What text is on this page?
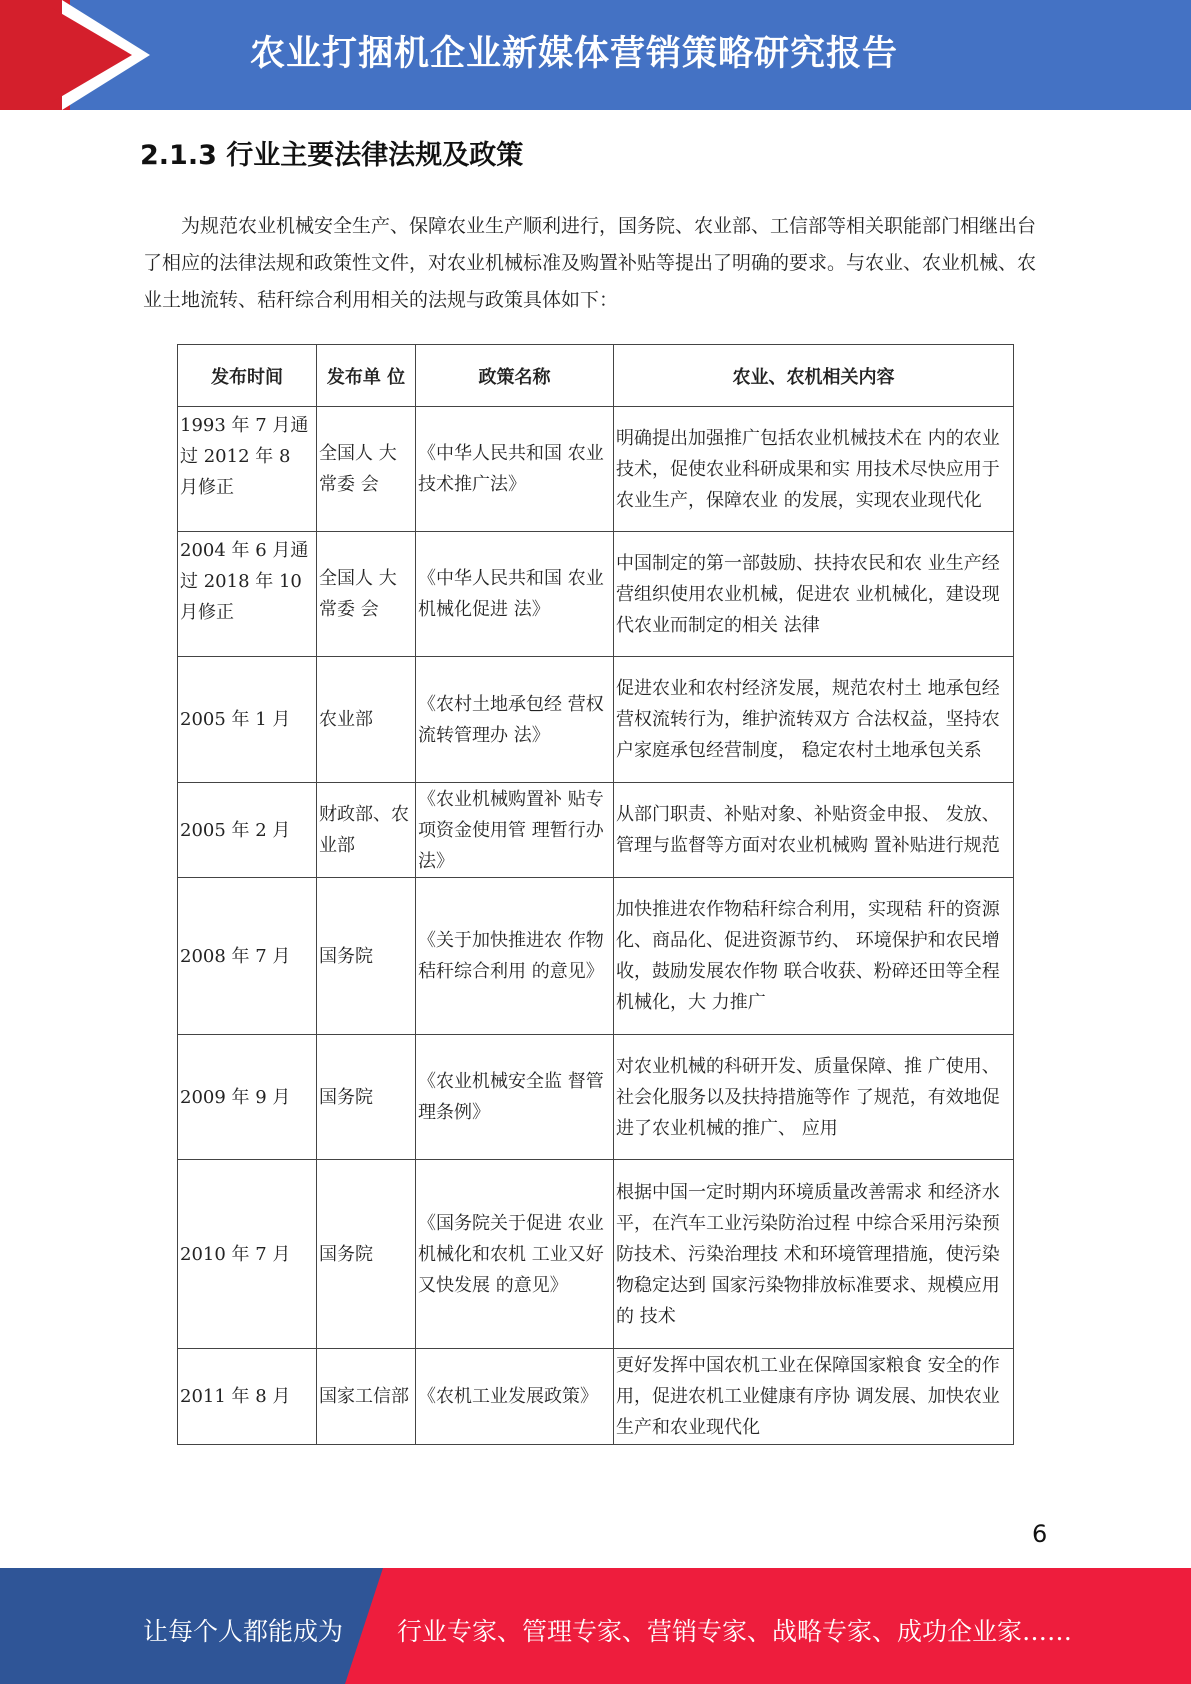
农业打捆机企业新媒体营销策略研究报告
2.1.3 行业主要法律法规及政策
为规范农业机械安全生产、保障农业生产顺利进行，国务院、农业部、工信部等相关职能部门相继出台了相应的法律法规和政策性文件，对农业机械标准及购置补贴等提出了明确的要求。与农业、农业机械、农业土地流转、秸秆综合利用相关的法规与政策具体如下：
发布时间	发布单 位	政策名称	农业、农机相关内容

1993 年 7 月通过 2012 年 8 月修正	全国人 大常委 会	《中华人民共和国 农业技术推广法》	明确提出加强推广包括农业机械技术在 内的农业技术，促使农业科研成果和实 用技术尽快应用于农业生产，保障农业 的发展，实现农业现代化

2004 年 6 月通过 2018 年 10 月修正	全国人 大常委 会	《中华人民共和国 农业机械化促进 法》	中国制定的第一部鼓励、扶持农民和农 业生产经营组织使用农业机械，促进农 业机械化，建设现代农业而制定的相关 法律
2005 年 1 月	农业部	《农村土地承包经 营权流转管理办 法》	促进农业和农村经济发展，规范农村土 地承包经营权流转行为，维护流转双方 合法权益，坚持农户家庭承包经营制度， 稳定农村土地承包关系
2005 年 2 月	财政部、农业部	《农业机械购置补 贴专项资金使用管 理暂行办法》	从部门职责、补贴对象、补贴资金申报、 发放、管理与监督等方面对农业机械购 置补贴进行规范
2008 年 7 月	国务院	《关于加快推进农 作物秸秆综合利用 的意见》	加快推进农作物秸秆综合利用，实现秸 秆的资源化、商品化、促进资源节约、 环境保护和农民增收，鼓励发展农作物 联合收获、粉碎还田等全程机械化，大 力推广
2009 年 9 月	国务院	《农业机械安全监 督管理条例》	对农业机械的科研开发、质量保障、推 广使用、社会化服务以及扶持措施等作 了规范，有效地促进了农业机械的推广、 应用
2010 年 7 月	国务院	《国务院关于促进 农业机械化和农机 工业又好又快发展 的意见》	根据中国一定时期内环境质量改善需求 和经济水平，在汽车工业污染防治过程 中综合采用污染预防技术、污染治理技 术和环境管理措施，使污染物稳定达到 国家污染物排放标准要求、规模应用的 技术
2011 年 8 月	国家工信部	《农机工业发展政策》	更好发挥中国农机工业在保障国家粮食 安全的作用，促进农机工业健康有序协 调发展、加快农业生产和农业现代化
6
让每个人都能成为 行业专家、管理专家、营销专家、战略专家、成功企业家……
